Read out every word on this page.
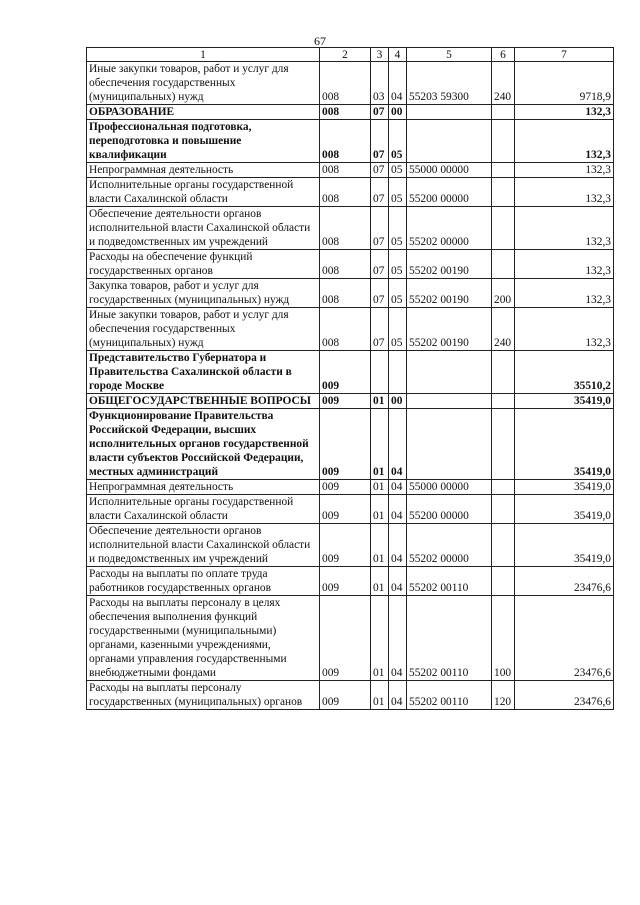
67
1	2	3	4	5	6	7
Иные закупки товаров, работ и услуг для обеспечения государственных (муниципальных) нужд	008	03	04	55203 59300	240	9718,9
ОБРАЗОВАНИЕ	008	07	00			132,3
Профессиональная подготовка, переподготовка и повышение квалификации	008	07	05			132,3
Непрограммная деятельность	008	07	05	55000 00000		132,3
Исполнительные органы государственной власти Сахалинской области	008	07	05	55200 00000		132,3
Обеспечение деятельности органов исполнительной власти Сахалинской области и подведомственных им учреждений	008	07	05	55202 00000		132,3
Расходы на обеспечение функций государственных органов	008	07	05	55202 00190		132,3
Закупка товаров, работ и услуг для государственных (муниципальных) нужд	008	07	05	55202 00190	200	132,3
Иные закупки товаров, работ и услуг для обеспечения государственных (муниципальных) нужд	008	07	05	55202 00190	240	132,3
Представительство Губернатора и Правительства Сахалинской области в городе Москве	009					35510,2
ОБЩЕГОСУДАРСТВЕННЫЕ ВОПРОСЫ	009	01	00			35419,0
Функционирование Правительства Российской Федерации, высших исполнительных органов государственной власти субъектов Российской Федерации, местных администраций	009	01	04			35419,0
Непрограммная деятельность	009	01	04	55000 00000		35419,0
Исполнительные органы государственной власти Сахалинской области	009	01	04	55200 00000		35419,0
Обеспечение деятельности органов исполнительной власти Сахалинской области и подведомственных им учреждений	009	01	04	55202 00000		35419,0
Расходы на выплаты по оплате труда работников государственных органов	009	01	04	55202 00110		23476,6
Расходы на выплаты персоналу в целях обеспечения выполнения функций государственными (муниципальными) органами, казенными учреждениями, органами управления государственными внебюджетными фондами	009	01	04	55202 00110	100	23476,6
Расходы на выплаты персоналу государственных (муниципальных) органов	009	01	04	55202 00110	120	23476,6
